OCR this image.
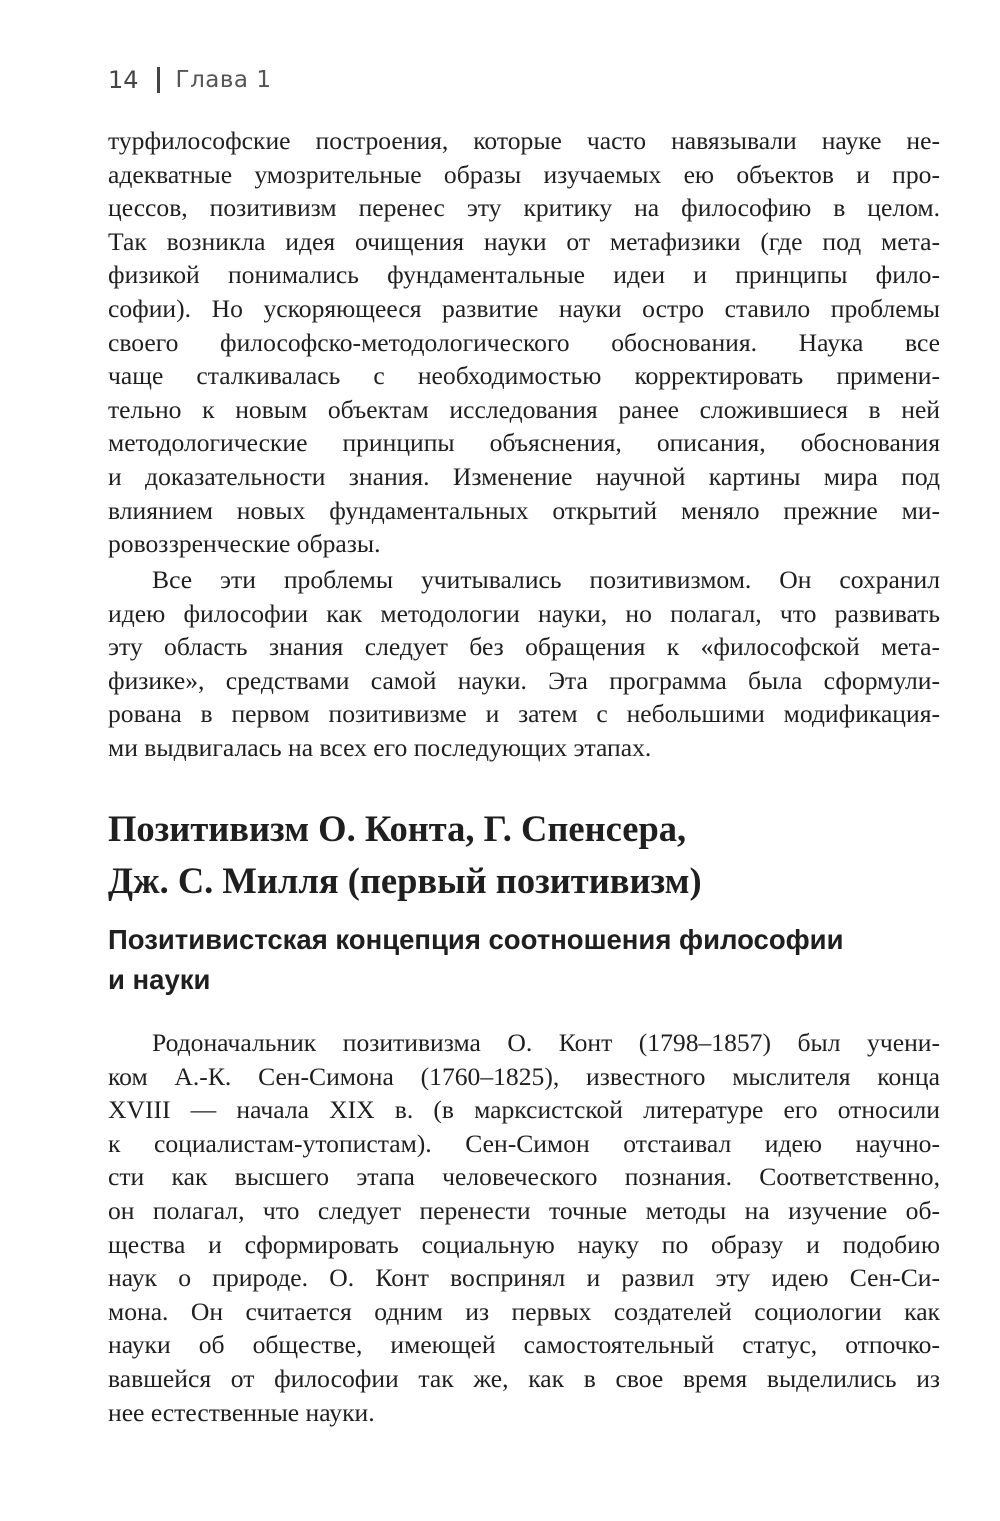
14 Глава 1
турфилософские построения, которые часто навязывали науке не-
адекватные умозрительные образы изучаемых ею объектов и про-
цессов, позитивизм перенес эту критику на философию в целом.
Так возникла идея очищения науки от метафизики (где под мета-
физикой понимались фундаментальные идеи и принципы фило-
софии). Но ускоряющееся развитие науки остро ставило проблемы
своего философско-методологического обоснования. Наука все
чаще сталкивалась с необходимостью корректировать примени-
тельно к новым объектам исследования ранее сложившиеся в ней
методологические принципы объяснения, описания, обоснования
и доказательности знания. Изменение научной картины мира под
влиянием новых фундаментальных открытий меняло прежние ми-
ровоззренческие образы.
Все эти проблемы учитывались позитивизмом. Он сохранил
идею философии как методологии науки, но полагал, что развивать
эту область знания следует без обращения к «философской мета-
физике», средствами самой науки. Эта программа была сформули-
рована в первом позитивизме и затем с небольшими модификация-
ми выдвигалась на всех его последующих этапах.
Позитивизм О. Конта, Г. Спенсера,
Дж. С. Милля (первый позитивизм)
Позитивистская концепция соотношения философии
и науки
Родоначальник позитивизма О. Конт (1798–1857) был учени-
ком А.-К. Сен-Симона (1760–1825), известного мыслителя конца
XVIII — начала XIX в. (в марксистской литературе его относили
к социалистам-утопистам). Сен-Симон отстаивал идею научно-
сти как высшего этапа человеческого познания. Соответственно,
он полагал, что следует перенести точные методы на изучение об-
щества и сформировать социальную науку по образу и подобию
наук о природе. О. Конт воспринял и развил эту идею Сен-Си-
мона. Он считается одним из первых создателей социологии как
науки об обществе, имеющей самостоятельный статус, отпочко-
вавшейся от философии так же, как в свое время выделились из
нее естественные науки.
